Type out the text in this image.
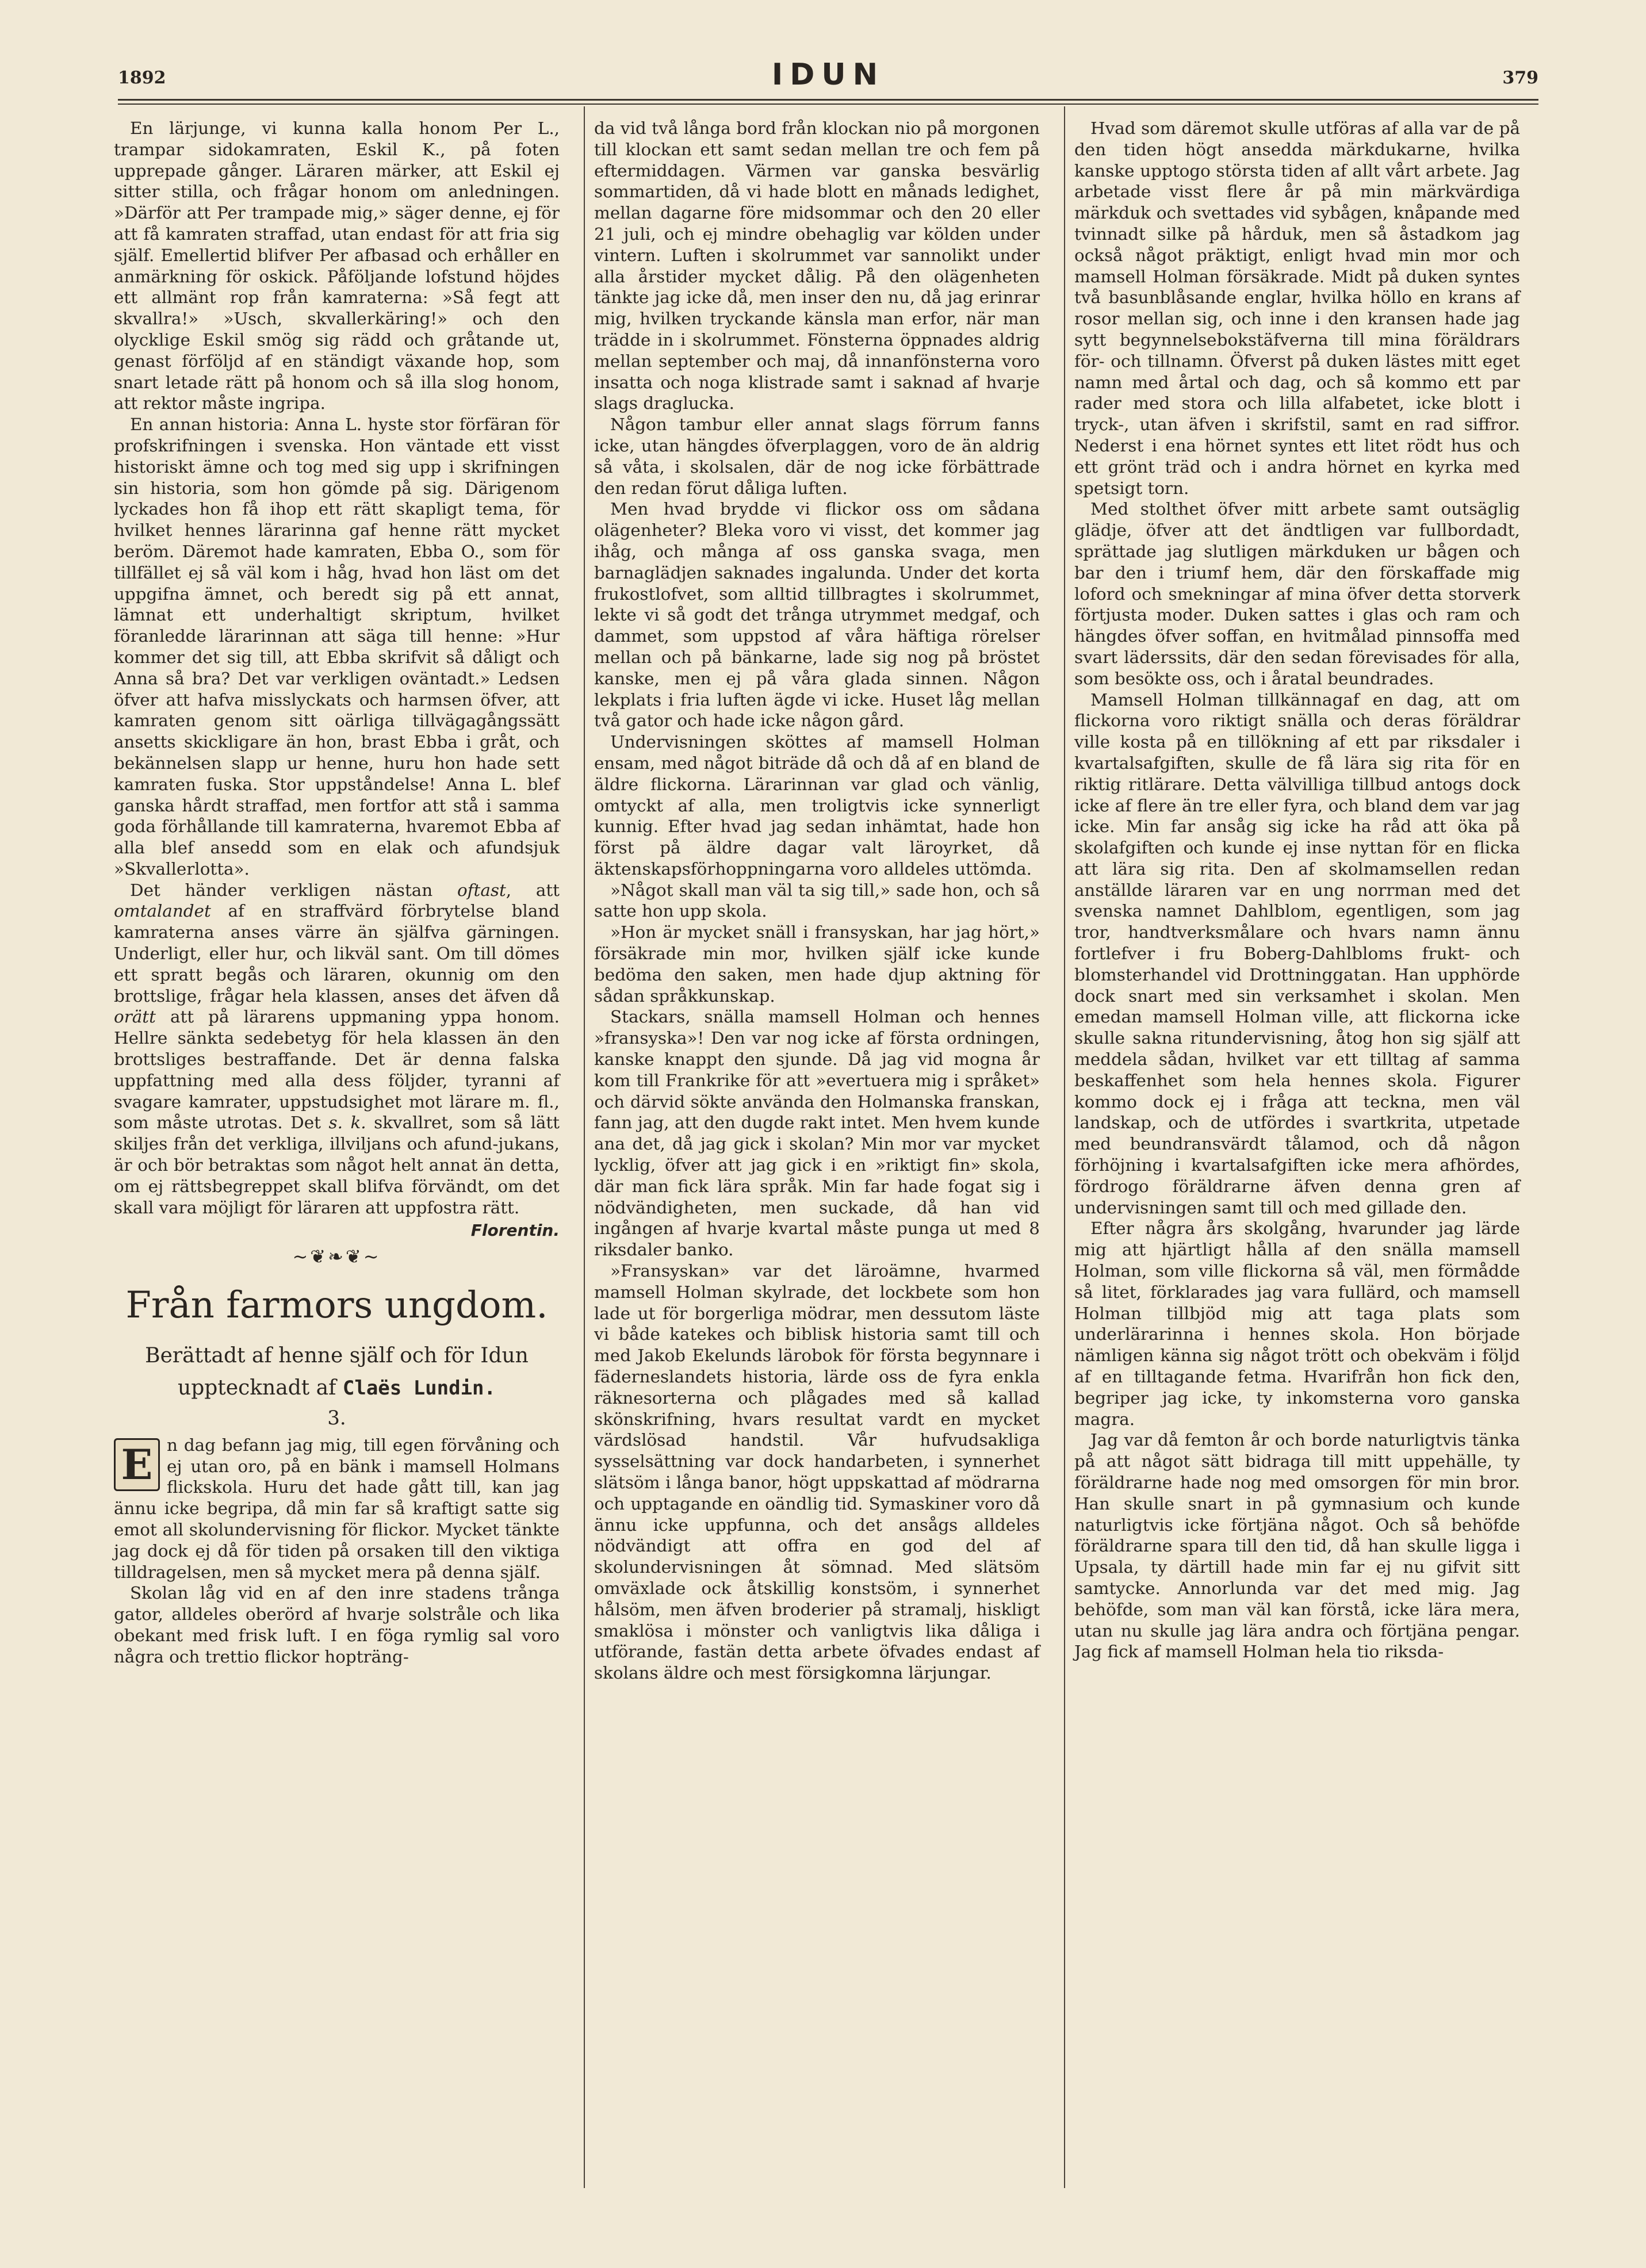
1892	IDUN	379

En lärjunge, vi kunna kalla honom Per L., trampar sidokamraten, Eskil K., på foten upprepade gånger. Läraren märker, att Eskil ej sitter stilla, och frågar honom om anledningen. »Därför att Per trampade mig,» säger denne, ej för att få kamraten straffad, utan endast för att fria sig själf. Emellertid blifver Per afbasad och erhåller en anmärkning för oskick. Påföljande lofstund höjdes ett allmänt rop från kamraterna: »Så fegt att skvallra!» »Usch, skvallerkäring!» och den olycklige Eskil smög sig rädd och gråtande ut, genast förföljd af en ständigt växande hop, som snart letade rätt på honom och så illa slog honom, att rektor måste ingripa.

En annan historia: Anna L. hyste stor förfäran för profskrifningen i svenska. Hon väntade ett visst historiskt ämne och tog med sig upp i skrifningen sin historia, som hon gömde på sig. Därigenom lyckades hon få ihop ett rätt skapligt tema, för hvilket hennes lärarinna gaf henne rätt mycket beröm. Däremot hade kamraten, Ebba O., som för tillfället ej så väl kom i håg, hvad hon läst om det uppgifna ämnet, och beredt sig på ett annat, lämnat ett underhaltigt skriptum, hvilket föranledde lärarinnan att säga till henne: »Hur kommer det sig till, att Ebba skrifvit så dåligt och Anna så bra? Det var verkligen oväntadt.» Ledsen öfver att hafva misslyckats och harmsen öfver, att kamraten genom sitt oärliga tillvägagångssätt ansetts skickligare än hon, brast Ebba i gråt, och bekännelsen slapp ur henne, huru hon hade sett kamraten fuska. Stor uppståndelse! Anna L. blef ganska hårdt straffad, men fortfor att stå i samma goda förhållande till kamraterna, hvaremot Ebba af alla blef ansedd som en elak och afundsjuk »Skvallerlotta».

Det händer verkligen nästan oftast, att omtalandet af en straffvärd förbrytelse bland kamraterna anses värre än själfva gärningen. Underligt, eller hur, och likväl sant. Om till dömes ett spratt begås och läraren, okunnig om den brottslige, frågar hela klassen, anses det äfven då orätt att på lärarens uppmaning yppa honom. Hellre sänkta sedebetyg för hela klassen än den brottsliges bestraffande. Det är denna falska uppfattning med alla dess följder, tyranni af svagare kamrater, uppstudsighet mot lärare m. fl., som måste utrotas. Det s. k. skvallret, som så lätt skiljes från det verkliga, illviljans och afund-jukans, är och bör betraktas som något helt annat än detta, om ej rättsbegreppet skall blifva förvändt, om det skall vara möjligt för läraren att uppfostra rätt.

Florentin.
~❦❧❦~
Från farmors ungdom.
Berättadt af henne själf och för Idun
upptecknadt af Claës Lundin.
3.

E n dag befann jag mig, till egen förvåning och ej utan oro, på en bänk i mamsell Holmans flickskola. Huru det hade gått till, kan jag ännu icke begripa, då min far så kraftigt satte sig emot all skolundervisning för flickor. Mycket tänkte jag dock ej då för tiden på orsaken till den viktiga tilldragelsen, men så mycket mera på denna själf.

Skolan låg vid en af den inre stadens trånga gator, alldeles oberörd af hvarje solstråle och lika obekant med frisk luft. I en föga rymlig sal voro några och trettio flickor hopträng-

da vid två långa bord från klockan nio på morgonen till klockan ett samt sedan mellan tre och fem på eftermiddagen. Värmen var ganska besvärlig sommartiden, då vi hade blott en månads ledighet, mellan dagarne före midsommar och den 20 eller 21 juli, och ej mindre obehaglig var kölden under vintern. Luften i skolrummet var sannolikt under alla årstider mycket dålig. På den olägenheten tänkte jag icke då, men inser den nu, då jag erinrar mig, hvilken tryckande känsla man erfor, när man trädde in i skolrummet. Fönsterna öppnades aldrig mellan september och maj, då innanfönsterna voro insatta och noga klistrade samt i saknad af hvarje slags draglucka.

Någon tambur eller annat slags förrum fanns icke, utan hängdes öfverplaggen, voro de än aldrig så våta, i skolsalen, där de nog icke förbättrade den redan förut dåliga luften.

Men hvad brydde vi flickor oss om sådana olägenheter? Bleka voro vi visst, det kommer jag ihåg, och många af oss ganska svaga, men barnaglädjen saknades ingalunda. Under det korta frukostlofvet, som alltid tillbragtes i skolrummet, lekte vi så godt det trånga utrymmet medgaf, och dammet, som uppstod af våra häftiga rörelser mellan och på bänkarne, lade sig nog på bröstet kanske, men ej på våra glada sinnen. Någon lekplats i fria luften ägde vi icke. Huset låg mellan två gator och hade icke någon gård.

Undervisningen sköttes af mamsell Holman ensam, med något biträde då och då af en bland de äldre flickorna. Lärarinnan var glad och vänlig, omtyckt af alla, men troligtvis icke synnerligt kunnig. Efter hvad jag sedan inhämtat, hade hon först på äldre dagar valt läroyrket, då äktenskapsförhoppningarna voro alldeles uttömda.

»Något skall man väl ta sig till,» sade hon, och så satte hon upp skola.

»Hon är mycket snäll i fransyskan, har jag hört,» försäkrade min mor, hvilken själf icke kunde bedöma den saken, men hade djup aktning för sådan språkkunskap.

Stackars, snälla mamsell Holman och hennes »fransyska»! Den var nog icke af första ordningen, kanske knappt den sjunde. Då jag vid mogna år kom till Frankrike för att »evertuera mig i språket» och därvid sökte använda den Holmanska franskan, fann jag, att den dugde rakt intet. Men hvem kunde ana det, då jag gick i skolan? Min mor var mycket lycklig, öfver att jag gick i en »riktigt fin» skola, där man fick lära språk. Min far hade fogat sig i nödvändigheten, men suckade, då han vid ingången af hvarje kvartal måste punga ut med 8 riksdaler banko.

»Fransyskan» var det läroämne, hvarmed mamsell Holman skylrade, det lockbete som hon lade ut för borgerliga mödrar, men dessutom läste vi både katekes och biblisk historia samt till och med Jakob Ekelunds lärobok för första begynnare i fäderneslandets historia, lärde oss de fyra enkla räknesorterna och plågades med så kallad skönskrifning, hvars resultat vardt en mycket värdslösad handstil. Vår hufvudsakliga sysselsättning var dock handarbeten, i synnerhet slätsöm i långa banor, högt uppskattad af mödrarna och upptagande en oändlig tid. Symaskiner voro då ännu icke uppfunna, och det ansågs alldeles nödvändigt att offra en god del af skolundervisningen åt sömnad. Med slätsöm omväxlade ock åtskillig konstsöm, i synnerhet hålsöm, men äfven broderier på stramalj, hiskligt smaklösa i mönster och vanligtvis lika dåliga i utförande, fastän detta arbete öfvades endast af skolans äldre och mest försigkomna lärjungar.

Hvad som däremot skulle utföras af alla var de på den tiden högt ansedda märkdukarne, hvilka kanske upptogo största tiden af allt vårt arbete. Jag arbetade visst flere år på min märkvärdiga märkduk och svettades vid sybågen, knåpande med tvinnadt silke på hårduk, men så åstadkom jag också något präktigt, enligt hvad min mor och mamsell Holman försäkrade. Midt på duken syntes två basunblåsande englar, hvilka höllo en krans af rosor mellan sig, och inne i den kransen hade jag sytt begynnelsebokstäfverna till mina föräldrars för- och tillnamn. Öfverst på duken lästes mitt eget namn med årtal och dag, och så kommo ett par rader med stora och lilla alfabetet, icke blott i tryck-, utan äfven i skrifstil, samt en rad siffror. Nederst i ena hörnet syntes ett litet rödt hus och ett grönt träd och i andra hörnet en kyrka med spetsigt torn.

Med stolthet öfver mitt arbete samt outsäglig glädje, öfver att det ändtligen var fullbordadt, sprättade jag slutligen märkduken ur bågen och bar den i triumf hem, där den förskaffade mig loford och smekningar af mina öfver detta storverk förtjusta moder. Duken sattes i glas och ram och hängdes öfver soffan, en hvitmålad pinnsoffa med svart läderssits, där den sedan förevisades för alla, som besökte oss, och i åratal beundrades.

Mamsell Holman tillkännagaf en dag, att om flickorna voro riktigt snälla och deras föräldrar ville kosta på en tillökning af ett par riksdaler i kvartalsafgiften, skulle de få lära sig rita för en riktig ritlärare. Detta välvilliga tillbud antogs dock icke af flere än tre eller fyra, och bland dem var jag icke. Min far ansåg sig icke ha råd att öka på skolafgiften och kunde ej inse nyttan för en flicka att lära sig rita. Den af skolmamsellen redan anställde läraren var en ung norrman med det svenska namnet Dahlblom, egentligen, som jag tror, handtverksmålare och hvars namn ännu fortlefver i fru Boberg-Dahlbloms frukt- och blomsterhandel vid Drottninggatan. Han upphörde dock snart med sin verksamhet i skolan. Men emedan mamsell Holman ville, att flickorna icke skulle sakna ritundervisning, åtog hon sig själf att meddela sådan, hvilket var ett tilltag af samma beskaffenhet som hela hennes skola. Figurer kommo dock ej i fråga att teckna, men väl landskap, och de utfördes i svartkrita, utpetade med beundransvärdt tålamod, och då någon förhöjning i kvartalsafgiften icke mera afhördes, fördrogo föräldrarne äfven denna gren af undervisningen samt till och med gillade den.

Efter några års skolgång, hvarunder jag lärde mig att hjärtligt hålla af den snälla mamsell Holman, som ville flickorna så väl, men förmådde så litet, förklarades jag vara fullärd, och mamsell Holman tillbjöd mig att taga plats som underlärarinna i hennes skola. Hon började nämligen känna sig något trött och obekväm i följd af en tilltagande fetma. Hvarifrån hon fick den, begriper jag icke, ty inkomsterna voro ganska magra.

Jag var då femton år och borde naturligtvis tänka på att något sätt bidraga till mitt uppehälle, ty föräldrarne hade nog med omsorgen för min bror. Han skulle snart in på gymnasium och kunde naturligtvis icke förtjäna något. Och så behöfde föräldrarne spara till den tid, då han skulle ligga i Upsala, ty därtill hade min far ej nu gifvit sitt samtycke. Annorlunda var det med mig. Jag behöfde, som man väl kan förstå, icke lära mera, utan nu skulle jag lära andra och förtjäna pengar. Jag fick af mamsell Holman hela tio riksda-
